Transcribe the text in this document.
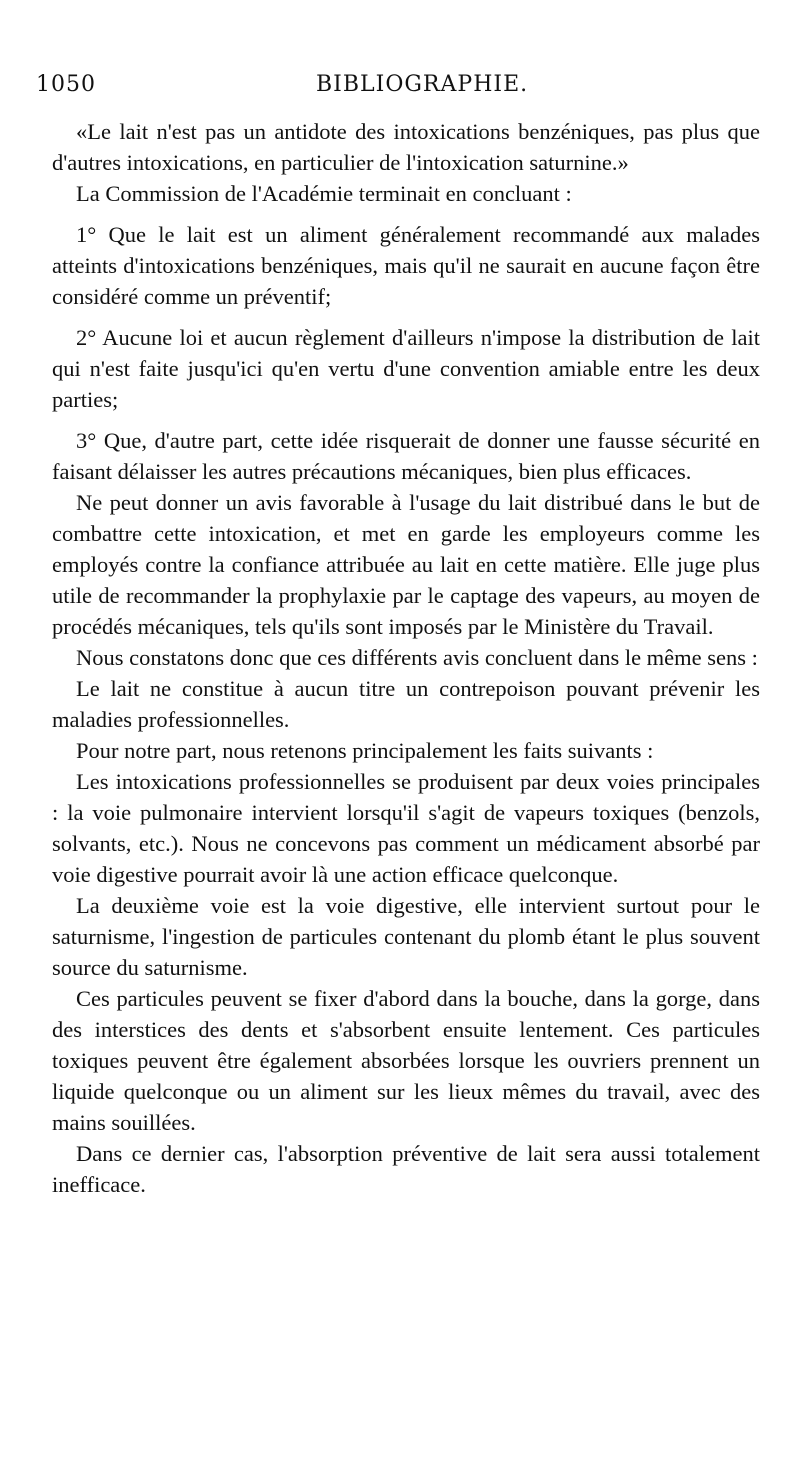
1050	BIBLIOGRAPHIE.

«Le lait n'est pas un antidote des intoxications benzéniques, pas plus que d'autres intoxications, en particulier de l'intoxication saturnine.»

La Commission de l'Académie terminait en concluant :

1° Que le lait est un aliment généralement recommandé aux malades atteints d'intoxications benzéniques, mais qu'il ne saurait en aucune façon être considéré comme un préventif;

2° Aucune loi et aucun règlement d'ailleurs n'impose la distribution de lait qui n'est faite jusqu'ici qu'en vertu d'une convention amiable entre les deux parties;

3° Que, d'autre part, cette idée risquerait de donner une fausse sécurité en faisant délaisser les autres précautions mécaniques, bien plus efficaces.

Ne peut donner un avis favorable à l'usage du lait distribué dans le but de combattre cette intoxication, et met en garde les employeurs comme les employés contre la confiance attribuée au lait en cette matière. Elle juge plus utile de recommander la prophylaxie par le captage des vapeurs, au moyen de procédés mécaniques, tels qu'ils sont imposés par le Ministère du Travail.

Nous constatons donc que ces différents avis concluent dans le même sens :

Le lait ne constitue à aucun titre un contrepoison pouvant prévenir les maladies professionnelles.

Pour notre part, nous retenons principalement les faits suivants :

Les intoxications professionnelles se produisent par deux voies principales : la voie pulmonaire intervient lorsqu'il s'agit de vapeurs toxiques (benzols, solvants, etc.). Nous ne concevons pas comment un médicament absorbé par voie digestive pourrait avoir là une action efficace quelconque.

La deuxième voie est la voie digestive, elle intervient surtout pour le saturnisme, l'ingestion de particules contenant du plomb étant le plus souvent source du saturnisme.

Ces particules peuvent se fixer d'abord dans la bouche, dans la gorge, dans des interstices des dents et s'absorbent ensuite lentement. Ces particules toxiques peuvent être également absorbées lorsque les ouvriers prennent un liquide quelconque ou un aliment sur les lieux mêmes du travail, avec des mains souillées.

Dans ce dernier cas, l'absorption préventive de lait sera aussi totalement inefficace.
